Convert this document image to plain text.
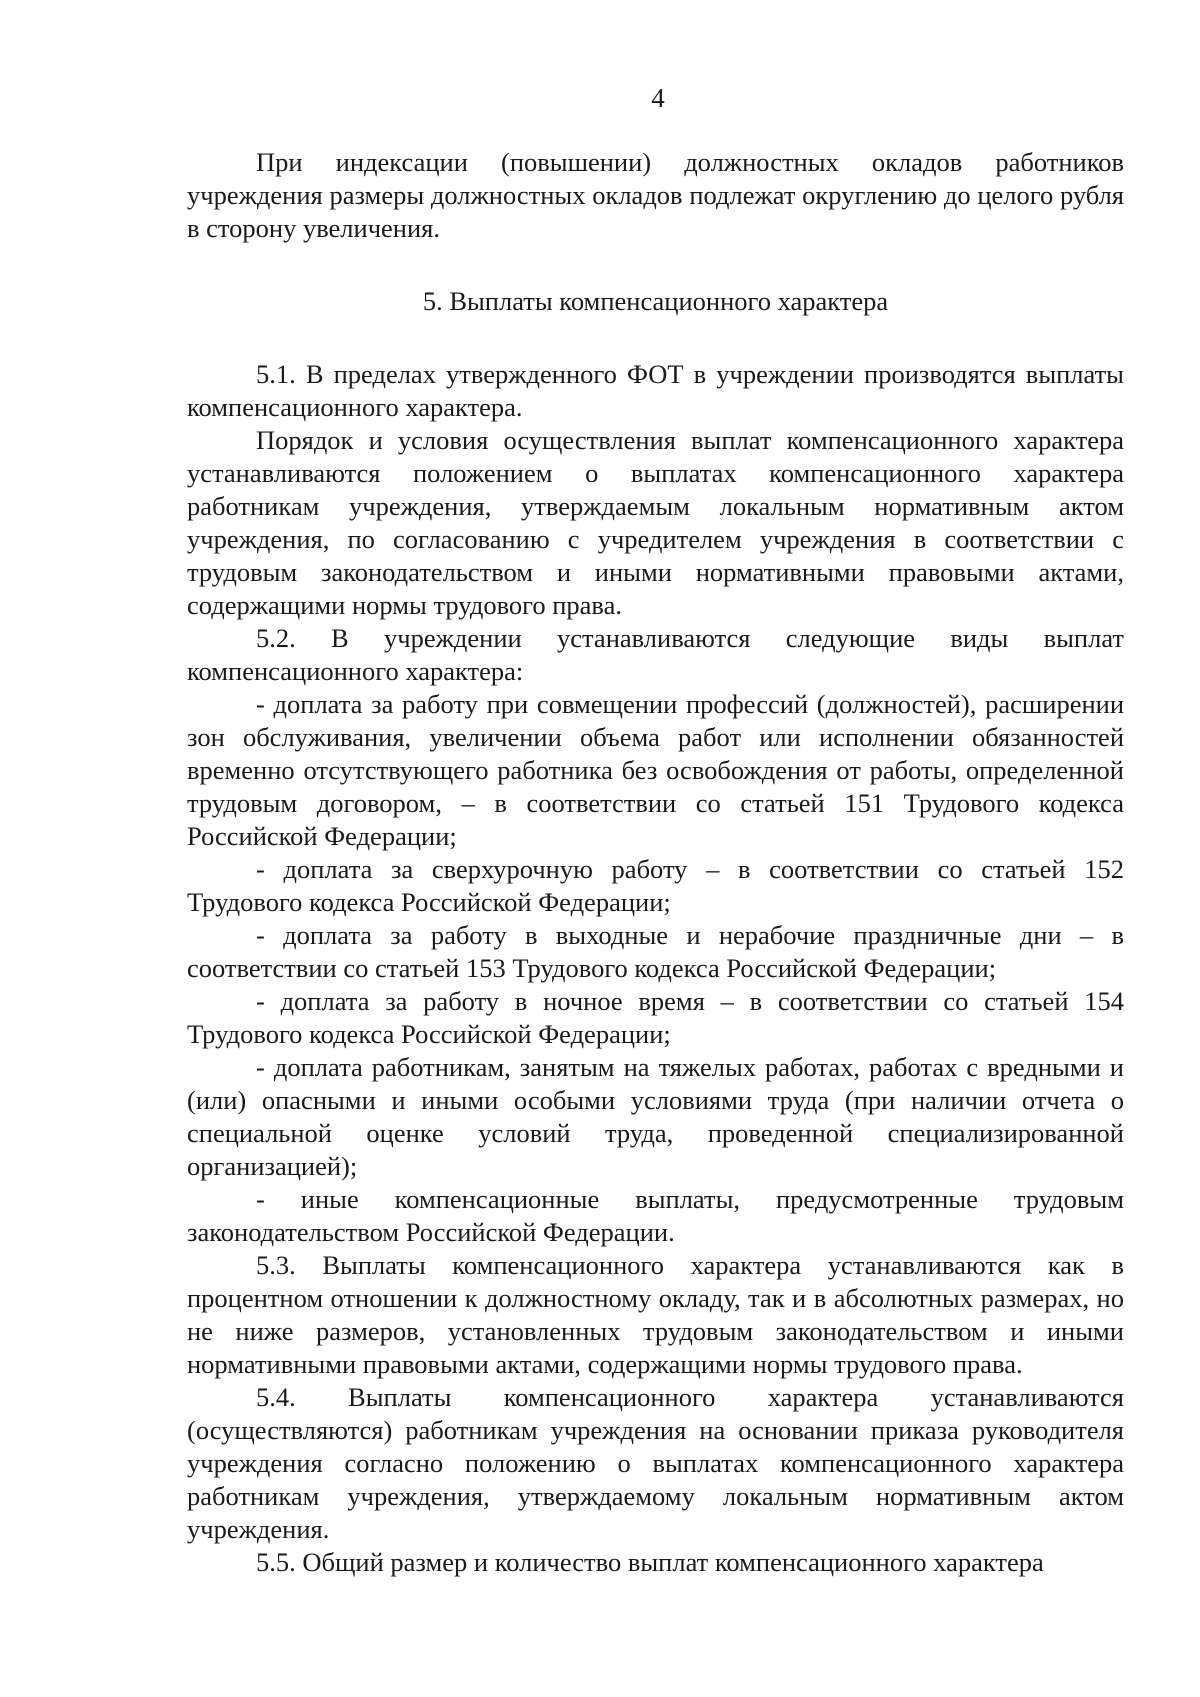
4

При индексации (повышении) должностных окладов работников учреждения размеры должностных окладов подлежат округлению до целого рубля в сторону увеличения.

5. Выплаты компенсационного характера

5.1. В пределах утвержденного ФОТ в учреждении производятся выплаты компенсационного характера.

Порядок и условия осуществления выплат компенсационного характера устанавливаются положением о выплатах компенсационного характера работникам учреждения, утверждаемым локальным нормативным актом учреждения, по согласованию с учредителем учреждения в соответствии с трудовым законодательством и иными нормативными правовыми актами, содержащими нормы трудового права.

5.2. В учреждении устанавливаются следующие виды выплат компенсационного характера:

- доплата за работу при совмещении профессий (должностей), расширении зон обслуживания, увеличении объема работ или исполнении обязанностей временно отсутствующего работника без освобождения от работы, определенной трудовым договором, – в соответствии со статьей 151 Трудового кодекса Российской Федерации;

- доплата за сверхурочную работу – в соответствии со статьей 152 Трудового кодекса Российской Федерации;

- доплата за работу в выходные и нерабочие праздничные дни – в соответствии со статьей 153 Трудового кодекса Российской Федерации;

- доплата за работу в ночное время – в соответствии со статьей 154 Трудового кодекса Российской Федерации;

- доплата работникам, занятым на тяжелых работах, работах с вредными и (или) опасными и иными особыми условиями труда (при наличии отчета о специальной оценке условий труда, проведенной специализированной организацией);

- иные компенсационные выплаты, предусмотренные трудовым законодательством Российской Федерации.

5.3. Выплаты компенсационного характера устанавливаются как в процентном отношении к должностному окладу, так и в абсолютных размерах, но не ниже размеров, установленных трудовым законодательством и иными нормативными правовыми актами, содержащими нормы трудового права.

5.4. Выплаты компенсационного характера устанавливаются (осуществляются) работникам учреждения на основании приказа руководителя учреждения согласно положению о выплатах компенсационного характера работникам учреждения, утверждаемому локальным нормативным актом учреждения.

5.5. Общий размер и количество выплат компенсационного характера
